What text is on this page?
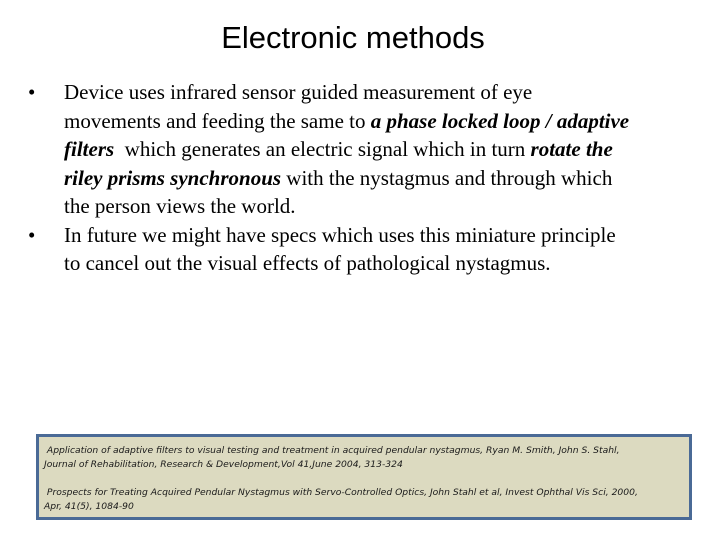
Electronic methods
• Device uses infrared sensor guided measurement of eye
movements and feeding the same to a phase locked loop / adaptive
filters  which generates an electric signal which in turn rotate the
riley prisms synchronous with the nystagmus and through which
the person views the world.
• In future we might have specs which uses this miniature principle
to cancel out the visual effects of pathological nystagmus.
Application of adaptive filters to visual testing and treatment in acquired pendular nystagmus, Ryan M. Smith, John S. Stahl,
Journal of Rehabilitation, Research & Development,Vol 41,June 2004, 313-324
Prospects for Treating Acquired Pendular Nystagmus with Servo-Controlled Optics, John Stahl et al, Invest Ophthal Vis Sci, 2000,
Apr, 41(5), 1084-90
